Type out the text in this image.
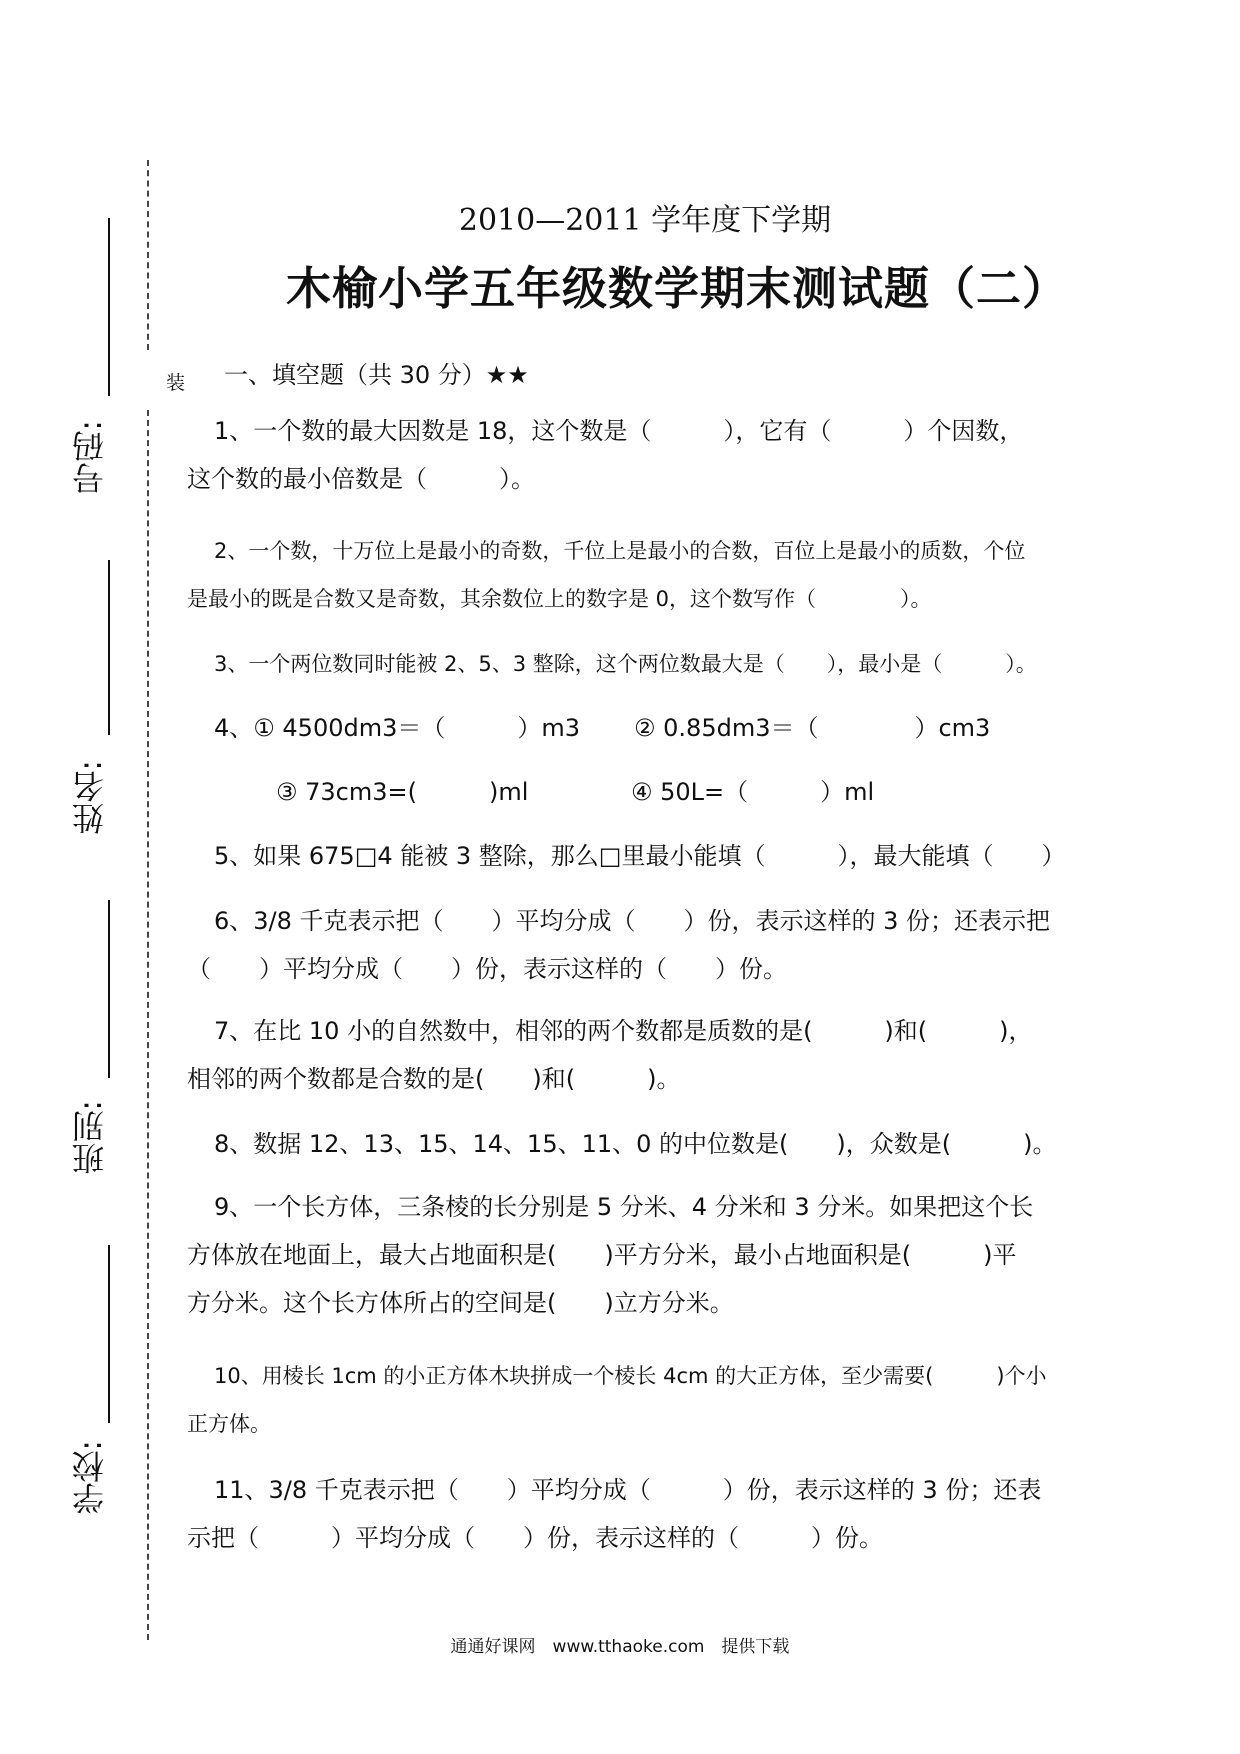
装
号码:
姓名:
班别:
学校:
2010—2011 学年度下学期
木榆小学五年级数学期末测试题（二）
一、填空题（共 30 分）★★
1、一个数的最大因数是 18，这个数是（　　　），它有（　　　）个因数，
这个数的最小倍数是（　　　）。
2、一个数，十万位上是最小的奇数，千位上是最小的合数，百位上是最小的质数，个位
是最小的既是合数又是奇数，其余数位上的数字是 0，这个数写作（　　　　）。
3、一个两位数同时能被 2、5、3 整除，这个两位数最大是（　　），最小是（　　　）。
4、① 4500dm3＝（　　　）m3 ② 0.85dm3＝（　　　　）cm3
③ 73cm3=(　　　)ml	④ 50L=（　　　）ml
5、如果 675□4 能被 3 整除，那么□里最小能填（　　　），最大能填（　　）
6、3/8 千克表示把（　　）平均分成（　　）份，表示这样的 3 份；还表示把
（　　）平均分成（　　）份，表示这样的（　　）份。
7、在比 10 小的自然数中，相邻的两个数都是质数的是(　　　)和(　　　)，
相邻的两个数都是合数的是(　　)和(　　　)。
8、数据 12、13、15、14、15、11、0 的中位数是(　　)，众数是(　　　)。
9、一个长方体，三条棱的长分别是 5 分米、4 分米和 3 分米。如果把这个长
方体放在地面上，最大占地面积是(　　)平方分米，最小占地面积是(　　　)平
方分米。这个长方体所占的空间是(　　)立方分米。
10、用棱长 1cm 的小正方体木块拼成一个棱长 4cm 的大正方体，至少需要(　　　)个小
正方体。
11、3/8 千克表示把（　　）平均分成（　　　）份，表示这样的 3 份；还表
示把（　　　）平均分成（　　）份，表示这样的（　　　）份。
通通好课网　www.tthaoke.com　提供下载
